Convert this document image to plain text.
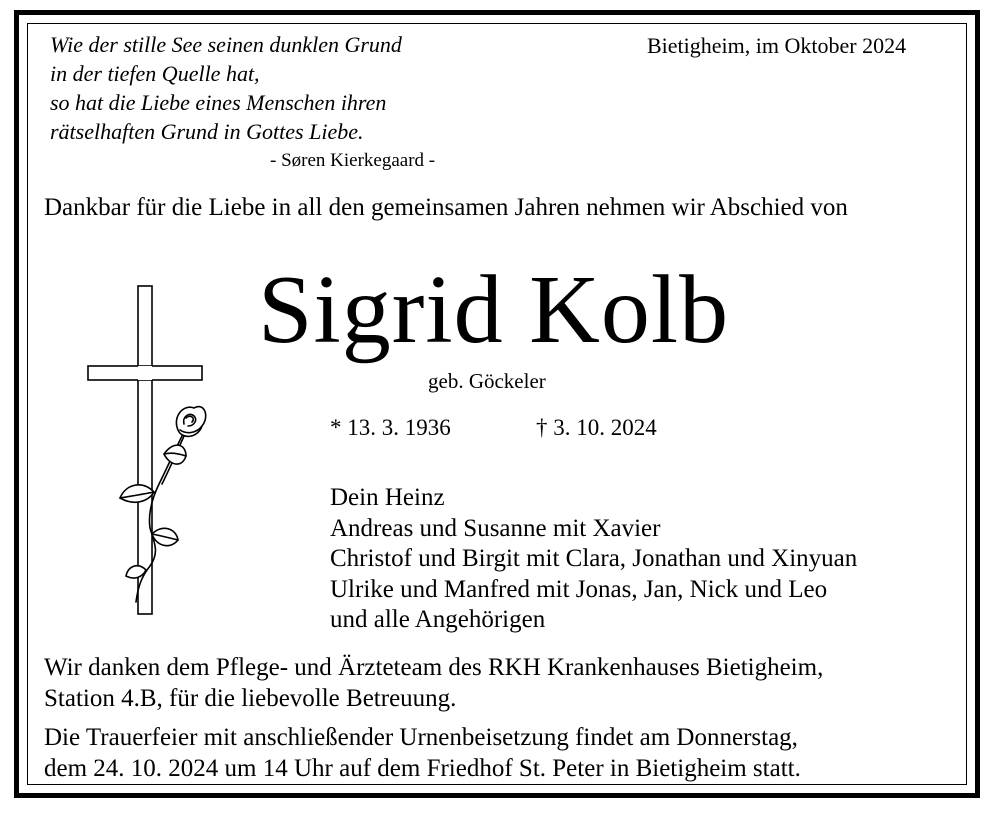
Wie der stille See seinen dunklen Grund
in der tiefen Quelle hat,
so hat die Liebe eines Menschen ihren
rätselhaften Grund in Gottes Liebe.
- Søren Kierkegaard -
Bietigheim, im Oktober 2024
Dankbar für die Liebe in all den gemeinsamen Jahren nehmen wir Abschied von
Sigrid Kolb
geb. Göckeler
* 13. 3. 1936	† 3. 10. 2024
Dein Heinz
Andreas und Susanne mit Xavier
Christof und Birgit mit Clara, Jonathan und Xinyuan
Ulrike und Manfred mit Jonas, Jan, Nick und Leo
und alle Angehörigen
Wir danken dem Pflege- und Ärzteteam des RKH Krankenhauses Bietigheim,
Station 4.B, für die liebevolle Betreuung.
Die Trauerfeier mit anschließender Urnenbeisetzung findet am Donnerstag,
dem 24. 10. 2024 um 14 Uhr auf dem Friedhof St. Peter in Bietigheim statt.
